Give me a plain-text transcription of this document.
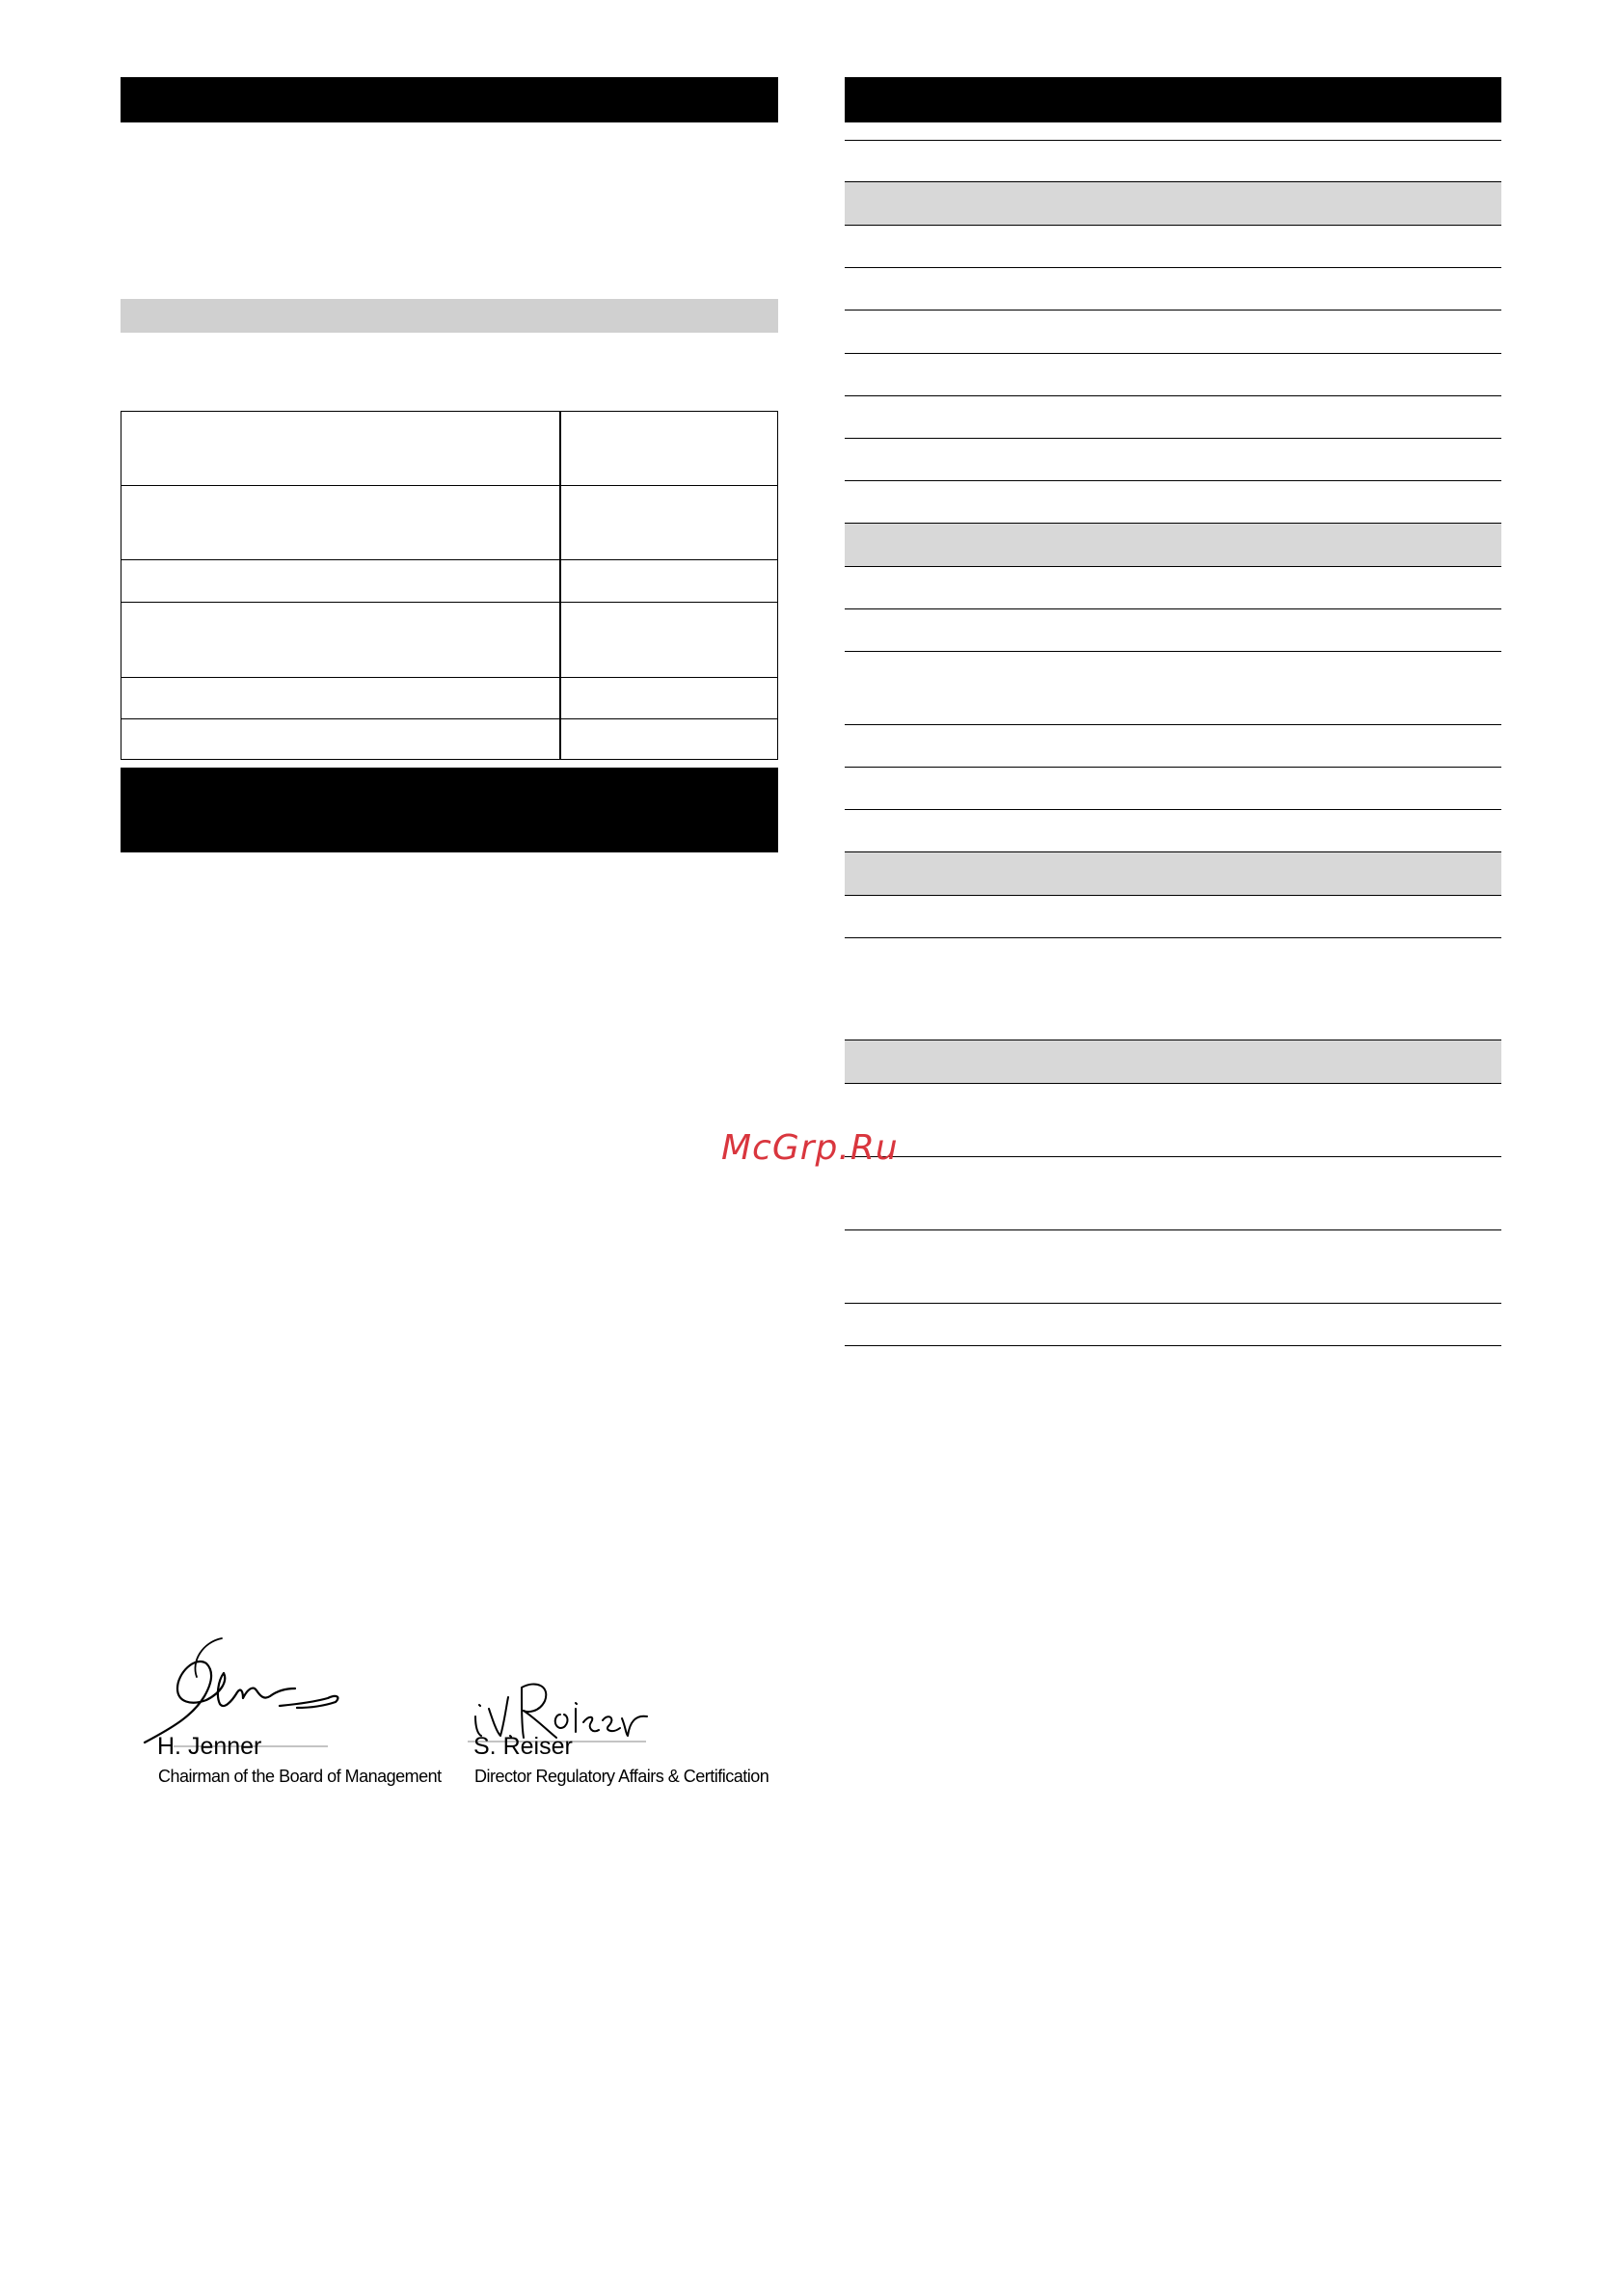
McGrp.Ru
H. Jenner
Chairman of the Board of Management
S. Reiser
Director Regulatory Affairs & Certification
